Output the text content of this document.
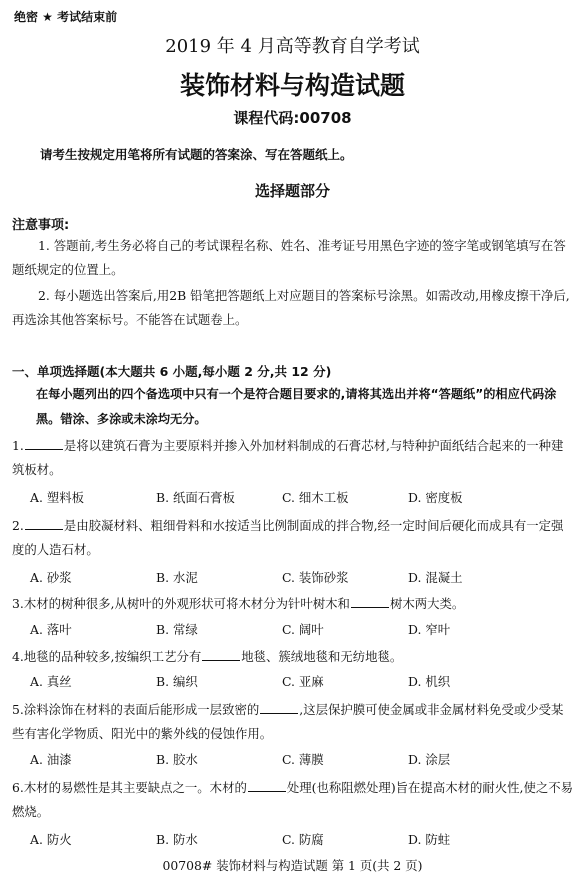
绝密 ★ 考试结束前
2019 年 4 月高等教育自学考试
装饰材料与构造试题
课程代码:00708
请考生按规定用笔将所有试题的答案涂、写在答题纸上。
选择题部分
注意事项:
1. 答题前,考生务必将自己的考试课程名称、姓名、准考证号用黑色字迹的签字笔或钢笔填写在答题纸规定的位置上。
2. 每小题选出答案后,用2B 铅笔把答题纸上对应题目的答案标号涂黑。如需改动,用橡皮擦干净后,再选涂其他答案标号。不能答在试题卷上。
一、单项选择题(本大题共 6 小题,每小题 2 分,共 12 分)
在每小题列出的四个备选项中只有一个是符合题目要求的,请将其选出并将“答题纸”的相应代码涂黑。错涂、多涂或未涂均无分。
1.	是将以建筑石膏为主要原料并掺入外加材料制成的石膏芯材,与特种护面纸结合起来的一种建筑板材。
A. 塑料板	B. 纸面石膏板	C. 细木工板	D. 密度板
2.	是由胶凝材料、粗细骨料和水按适当比例制面成的拌合物,经一定时间后硬化而成具有一定强度的人造石材。
A. 砂浆	B. 水泥	C. 装饰砂浆	D. 混凝土
3.木材的树种很多,从树叶的外观形状可将木材分为针叶树木和	树木两大类。
A. 落叶	B. 常绿	C. 阔叶	D. 窄叶
4.地毯的品种较多,按编织工艺分有	地毯、簇绒地毯和无纺地毯。
A. 真丝	B. 编织	C. 亚麻	D. 机织
5.涂料涂饰在材料的表面后能形成一层致密的	,这层保护膜可使金属或非金属材料免受或少受某些有害化学物质、阳光中的紫外线的侵蚀作用。
A. 油漆	B. 胶水	C. 薄膜	D. 涂层
6.木材的易燃性是其主要缺点之一。木材的	处理(也称阻燃处理)旨在提高木材的耐火性,使之不易燃烧。
A. 防火	B. 防水	C. 防腐	D. 防蛀
00708# 装饰材料与构造试题 第 1 页(共 2 页)
